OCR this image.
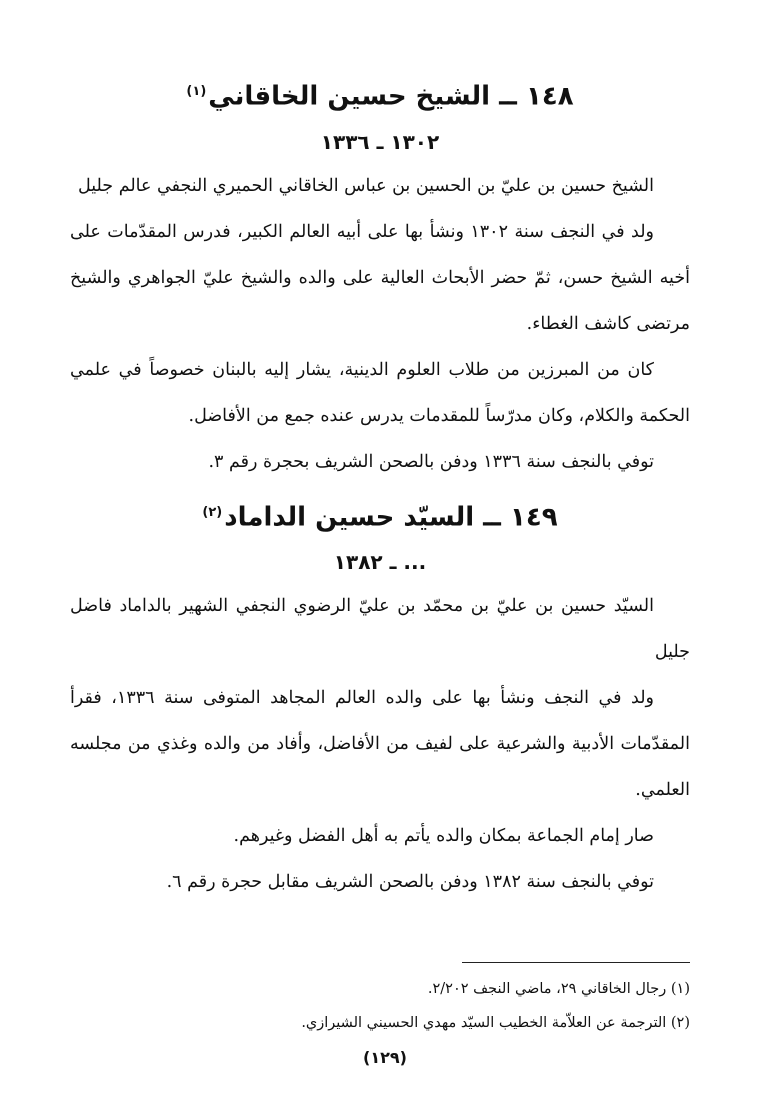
١٤٨ ــ الشيخ حسين الخاقاني$^{(١)}$
١٣٠٢ ـ ١٣٣٦

الشيخ حسين بن عليّ بن الحسين بن عباس الخاقاني الحميري النجفي عالم جليل

ولد في النجف سنة ١٣٠٢ ونشأ بها على أبيه العالم الكبير، فدرس المقدّمات على أخيه الشيخ حسن، ثمّ حضر الأبحاث العالية على والده والشيخ عليّ الجواهري والشيخ مرتضى كاشف الغطاء.

كان من المبرزين من طلاب العلوم الدينية، يشار إليه بالبنان خصوصاً في علمي الحكمة والكلام، وكان مدرّساً للمقدمات يدرس عنده جمع من الأفاضل.

توفي بالنجف سنة ١٣٣٦ ودفن بالصحن الشريف بحجرة رقم ٣.

١٤٩ ــ السيّد حسين الداماد$^{(٢)}$
... ـ ١٣٨٢

السيّد حسين بن عليّ بن محمّد بن عليّ الرضوي النجفي الشهير بالداماد فاضل جليل

ولد في النجف ونشأ بها على والده العالم المجاهد المتوفى سنة ١٣٣٦، فقرأ المقدّمات الأدبية والشرعية على لفيف من الأفاضل، وأفاد من والده وغذي من مجلسه العلمي.

صار إمام الجماعة بمكان والده يأتم به أهل الفضل وغيرهم.

توفي بالنجف سنة ١٣٨٢ ودفن بالصحن الشريف مقابل حجرة رقم ٦.

(١) رجال الخاقاني ٢٩، ماضي النجف ٢/٢٠٢.
(٢) الترجمة عن العلاّمة الخطيب السيّد مهدي الحسيني الشيرازي.
(١٢٩)
